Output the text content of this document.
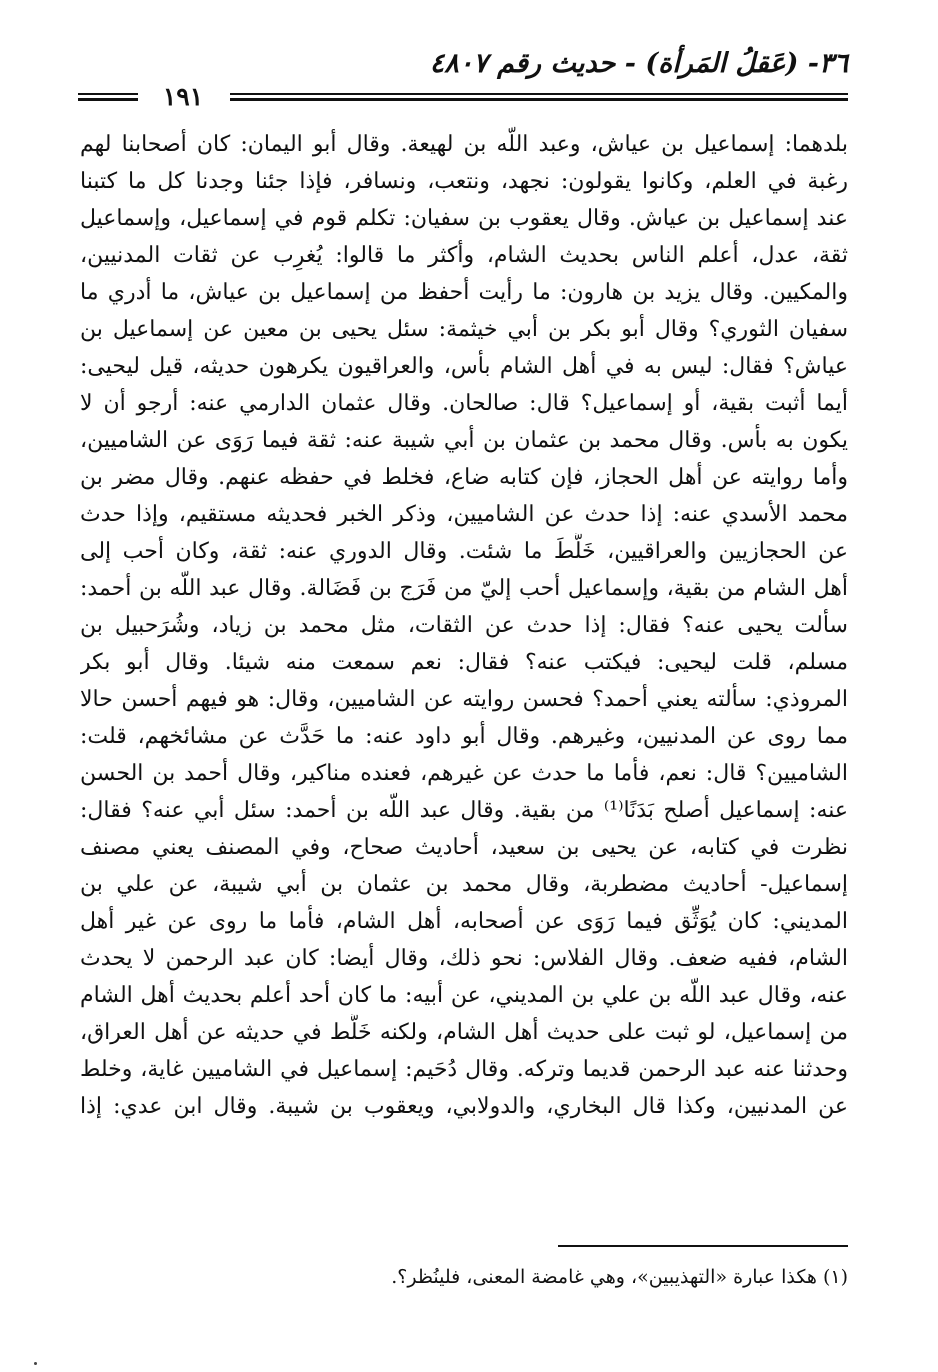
٣٦- (عَقلُ المَرأة) - حديث رقم ٤٨٠٧
١٩١
بلدهما: إسماعيل بن عياش، وعبد اللّه بن لهيعة. وقال أبو اليمان: كان أصحابنا لهم
رغبة في العلم، وكانوا يقولون: نجهد، ونتعب، ونسافر، فإذا جئنا وجدنا كل ما كتبنا
عند إسماعيل بن عياش. وقال يعقوب بن سفيان: تكلم قوم في إسماعيل، وإسماعيل
ثقة، عدل، أعلم الناس بحديث الشام، وأكثر ما قالوا: يُغرِب عن ثقات المدنيين،
والمكيين. وقال يزيد بن هارون: ما رأيت أحفظ من إسماعيل بن عياش، ما أدري ما
سفيان الثوري؟ وقال أبو بكر بن أبي خيثمة: سئل يحيى بن معين عن إسماعيل بن
عياش؟ فقال: ليس به في أهل الشام بأس، والعراقيون يكرهون حديثه، قيل ليحيى:
أيما أثبت بقية، أو إسماعيل؟ قال: صالحان. وقال عثمان الدارمي عنه: أرجو أن لا
يكون به بأس. وقال محمد بن عثمان بن أبي شيبة عنه: ثقة فيما رَوَى عن الشاميين،
وأما روايته عن أهل الحجاز، فإن كتابه ضاع، فخلط في حفظه عنهم. وقال مضر بن
محمد الأسدي عنه: إذا حدث عن الشاميين، وذكر الخبر فحديثه مستقيم، وإذا حدث
عن الحجازيين والعراقيين، خَلَّطَ ما شئت. وقال الدوري عنه: ثقة، وكان أحب إلى
أهل الشام من بقية، وإسماعيل أحب إليّ من فَرَج بن فَضَالة. وقال عبد اللّه بن أحمد:
سألت يحيى عنه؟ فقال: إذا حدث عن الثقات، مثل محمد بن زياد، وشُرَحبيل بن
مسلم، قلت ليحيى: فيكتب عنه؟ فقال: نعم سمعت منه شيئا. وقال أبو بكر
المروذي: سألته يعني أحمد؟ فحسن روايته عن الشاميين، وقال: هو فيهم أحسن حالا
مما روى عن المدنيين، وغيرهم. وقال أبو داود عنه: ما حَدَّث عن مشائخهم، قلت:
الشاميين؟ قال: نعم، فأما ما حدث عن غيرهم، فعنده مناكير، وقال أحمد بن الحسن
عنه: إسماعيل أصلح بَدَنًا⁽¹⁾ من بقية. وقال عبد اللّه بن أحمد: سئل أبي عنه؟ فقال:
نظرت في كتابه، عن يحيى بن سعيد، أحاديث صحاح، وفي المصنف يعني مصنف
إسماعيل- أحاديث مضطربة، وقال محمد بن عثمان بن أبي شيبة، عن علي بن
المديني: كان يُوَثِّق فيما رَوَى عن أصحابه، أهل الشام، فأما ما روى عن غير أهل
الشام، ففيه ضعف. وقال الفلاس: نحو ذلك، وقال أيضا: كان عبد الرحمن لا يحدث
عنه، وقال عبد اللّه بن علي بن المديني، عن أبيه: ما كان أحد أعلم بحديث أهل الشام
من إسماعيل، لو ثبت على حديث أهل الشام، ولكنه خَلَّط في حديثه عن أهل العراق،
وحدثنا عنه عبد الرحمن قديما وتركه. وقال دُحَيم: إسماعيل في الشاميين غاية، وخلط
عن المدنيين، وكذا قال البخاري، والدولابي، ويعقوب بن شيبة. وقال ابن عدي: إذا
(١) هكذا عبارة «التهذيبين»، وهي غامضة المعنى، فلينُظر؟.
